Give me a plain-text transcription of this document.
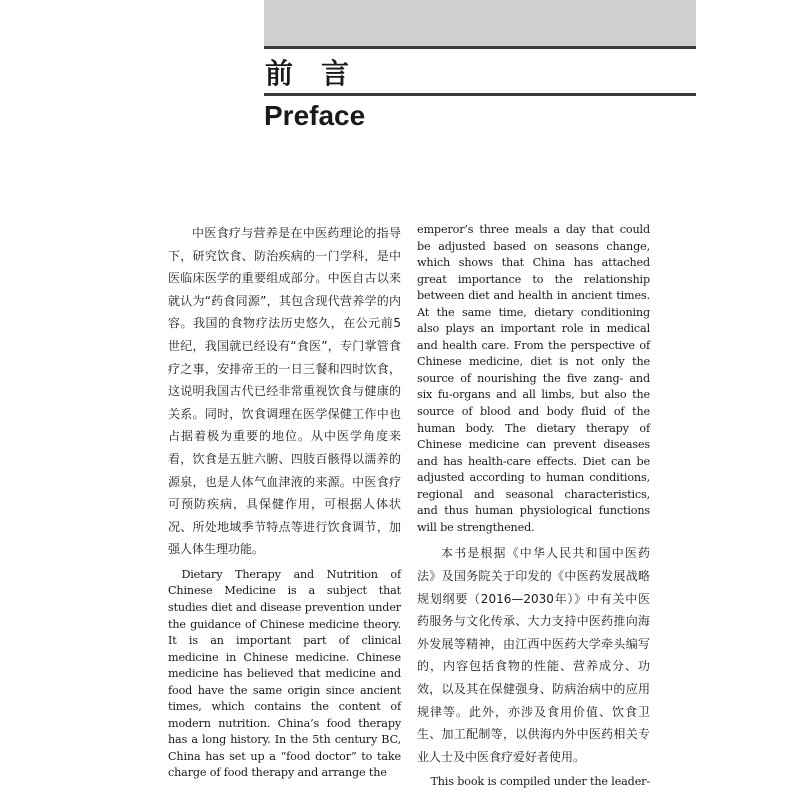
前言
Preface

中医食疗与营养是在中医药理论的指导下，研究饮食、防治疾病的一门学科，是中医临床医学的重要组成部分。中医自古以来就认为“药食同源”，其包含现代营养学的内容。我国的食物疗法历史悠久，在公元前5世纪，我国就已经设有“食医”，专门掌管食疗之事，安排帝王的一日三餐和四时饮食，这说明我国古代已经非常重视饮食与健康的关系。同时，饮食调理在医学保健工作中也占据着极为重要的地位。从中医学角度来看，饮食是五脏六腑、四肢百骸得以濡养的源泉，也是人体气血津液的来源。中医食疗可预防疾病，具保健作用，可根据人体状况、所处地域季节特点等进行饮食调节，加强人体生理功能。

Dietary Therapy and Nutrition of Chinese Medicine is a subject that studies diet and disease prevention under the guidance of Chinese medicine theory. It is an important part of clinical medicine in Chinese medicine. Chinese medicine has believed that medicine and food have the same origin since ancient times, which contains the content of modern nutrition. China’s food therapy has a long history. In the 5th century BC, China has set up a “food doctor” to take charge of food therapy and arrange the

emperor’s three meals a day that could be adjusted based on seasons change, which shows that China has attached great importance to the relationship between diet and health in ancient times. At the same time, dietary conditioning also plays an important role in medical and health care. From the perspective of Chinese medicine, diet is not only the source of nourishing the five zang- and six fu-organs and all limbs, but also the source of blood and body fluid of the human body. The dietary therapy of Chinese medicine can prevent diseases and has health-care effects. Diet can be adjusted according to human conditions, regional and seasonal characteristics, and thus human physiological functions will be strengthened.

本书是根据《中华人民共和国中医药法》及国务院关于印发的《中医药发展战略规划纲要（2016—2030年）》中有关中医药服务与文化传承、大力支持中医药推向海外发展等精神，由江西中医药大学牵头编写的，内容包括食物的性能、营养成分、功效，以及其在保健强身、防病治病中的应用规律等。此外，亦涉及食用价值、饮食卫生、加工配制等，以供海内外中医药相关专业人士及中医食疗爱好者使用。

This book is compiled under the leader-
